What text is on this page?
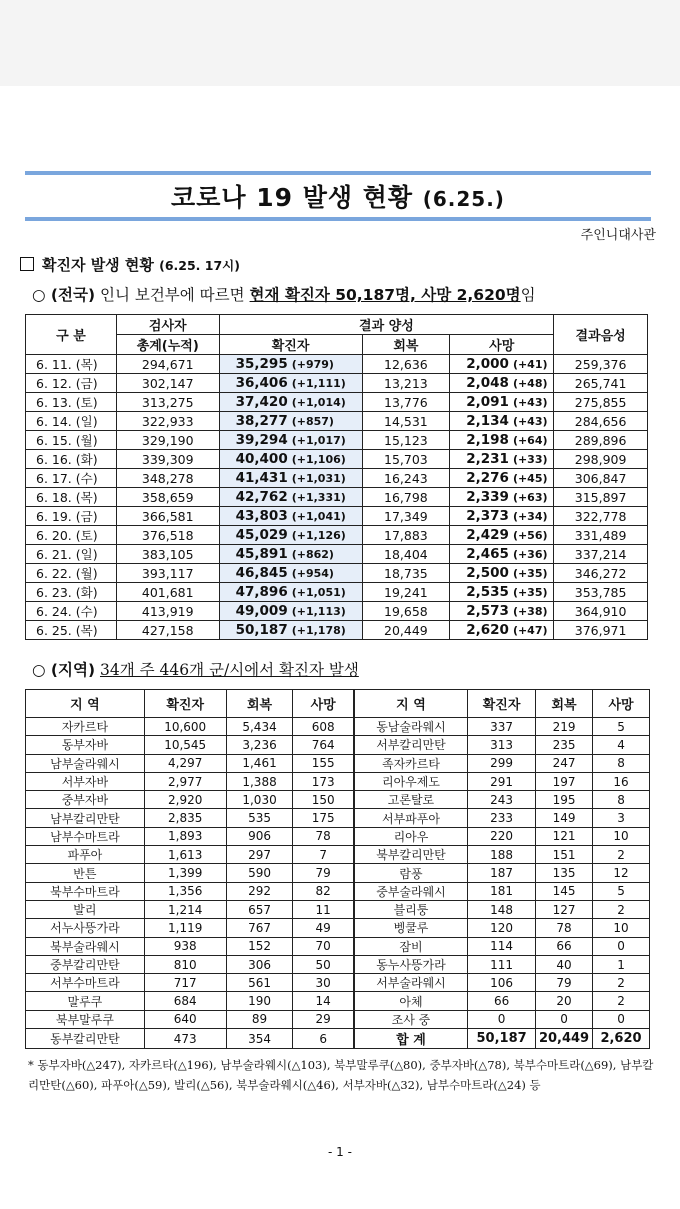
코로나 19 발생 현황 (6.25.)
주인니대사관
확진자 발생 현황 (6.25. 17시)
○ (전국) 인니 보건부에 따르면 현재 확진자 50,187명, 사망 2,620명임
구 분	검사자	결과 양성			결과음성
	총계(누적)	확진자	회복	사망	
6. 11. (목)	294,671	35,295 (+979)	12,636	2,000 (+41)	259,376
6. 12. (금)	302,147	36,406 (+1,111)	13,213	2,048 (+48)	265,741
6. 13. (토)	313,275	37,420 (+1,014)	13,776	2,091 (+43)	275,855
6. 14. (일)	322,933	38,277 (+857)	14,531	2,134 (+43)	284,656
6. 15. (월)	329,190	39,294 (+1,017)	15,123	2,198 (+64)	289,896
6. 16. (화)	339,309	40,400 (+1,106)	15,703	2,231 (+33)	298,909
6. 17. (수)	348,278	41,431 (+1,031)	16,243	2,276 (+45)	306,847
6. 18. (목)	358,659	42,762 (+1,331)	16,798	2,339 (+63)	315,897
6. 19. (금)	366,581	43,803 (+1,041)	17,349	2,373 (+34)	322,778
6. 20. (토)	376,518	45,029 (+1,126)	17,883	2,429 (+56)	331,489
6. 21. (일)	383,105	45,891 (+862)	18,404	2,465 (+36)	337,214
6. 22. (월)	393,117	46,845 (+954)	18,735	2,500 (+35)	346,272
6. 23. (화)	401,681	47,896 (+1,051)	19,241	2,535 (+35)	353,785
6. 24. (수)	413,919	49,009 (+1,113)	19,658	2,573 (+38)	364,910
6. 25. (목)	427,158	50,187 (+1,178)	20,449	2,620 (+47)	376,971
○ (지역) 34개 주 446개 군/시에서 확진자 발생
지 역	확진자	회복	사망	지 역	확진자	회복	사망
자카르타	10,600	5,434	608	동남술라웨시	337	219	5
동부자바	10,545	3,236	764	서부칼리만탄	313	235	4
남부술라웨시	4,297	1,461	155	족자카르타	299	247	8
서부자바	2,977	1,388	173	리아우제도	291	197	16
중부자바	2,920	1,030	150	고론탈로	243	195	8
남부칼리만탄	2,835	535	175	서부파푸아	233	149	3
남부수마트라	1,893	906	78	리아우	220	121	10
파푸아	1,613	297	7	북부칼리만탄	188	151	2
반튼	1,399	590	79	람풍	187	135	12
북부수마트라	1,356	292	82	중부술라웨시	181	145	5
발리	1,214	657	11	블리퉁	148	127	2
서누사뜽가라	1,119	767	49	벵쿨루	120	78	10
북부술라웨시	938	152	70	잠비	114	66	0
중부칼리만탄	810	306	50	동누사뜽가라	111	40	1
서부수마트라	717	561	30	서부술라웨시	106	79	2
말루쿠	684	190	14	아체	66	20	2
북부말루쿠	640	89	29	조사 중	0	0	0
동부칼리만탄	473	354	6	합 계	50,187	20,449	2,620
* 동부자바(△247), 자카르타(△196), 남부술라웨시(△103), 북부말루쿠(△80), 중부자바(△78), 북부수마트라(△69), 남부칼리만탄(△60), 파푸아(△59), 발리(△56), 북부술라웨시(△46), 서부자바(△32), 남부수마트라(△24) 등
- 1 -
